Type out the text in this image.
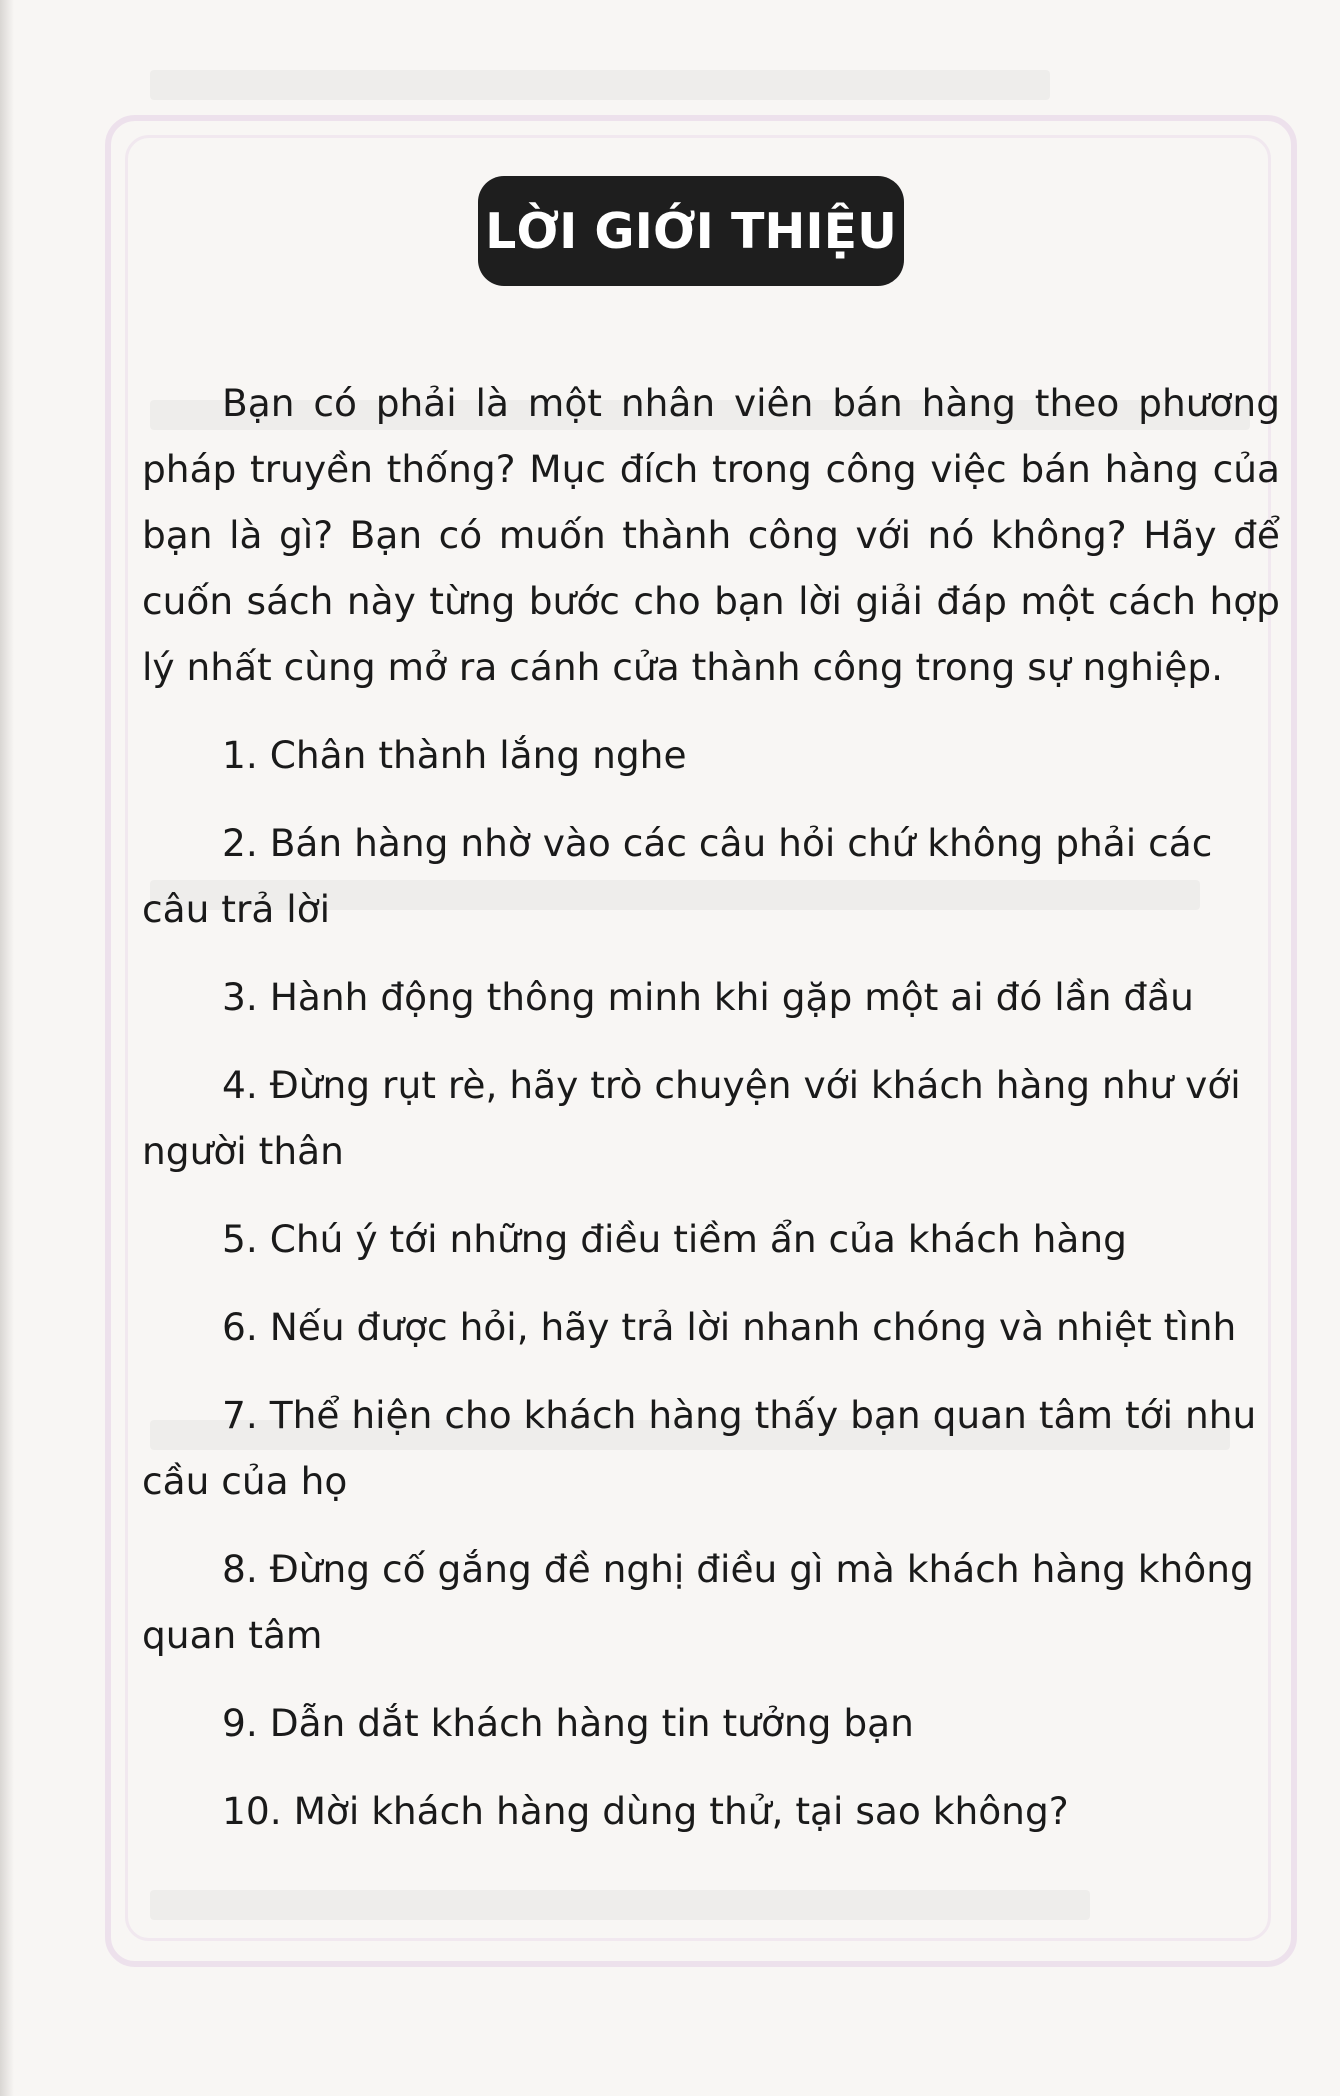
LỜI GIỚI THIỆU

Bạn có phải là một nhân viên bán hàng theo phương pháp truyền thống? Mục đích trong công việc bán hàng của bạn là gì? Bạn có muốn thành công với nó không? Hãy để cuốn sách này từng bước cho bạn lời giải đáp một cách hợp lý nhất cùng mở ra cánh cửa thành công trong sự nghiệp.

1. Chân thành lắng nghe
2. Bán hàng nhờ vào các câu hỏi chứ không phải các câu trả lời
3. Hành động thông minh khi gặp một ai đó lần đầu
4. Đừng rụt rè, hãy trò chuyện với khách hàng như với người thân
5. Chú ý tới những điều tiềm ẩn của khách hàng
6. Nếu được hỏi, hãy trả lời nhanh chóng và nhiệt tình
7. Thể hiện cho khách hàng thấy bạn quan tâm tới nhu cầu của họ
8. Đừng cố gắng đề nghị điều gì mà khách hàng không quan tâm
9. Dẫn dắt khách hàng tin tưởng bạn
10. Mời khách hàng dùng thử, tại sao không?
